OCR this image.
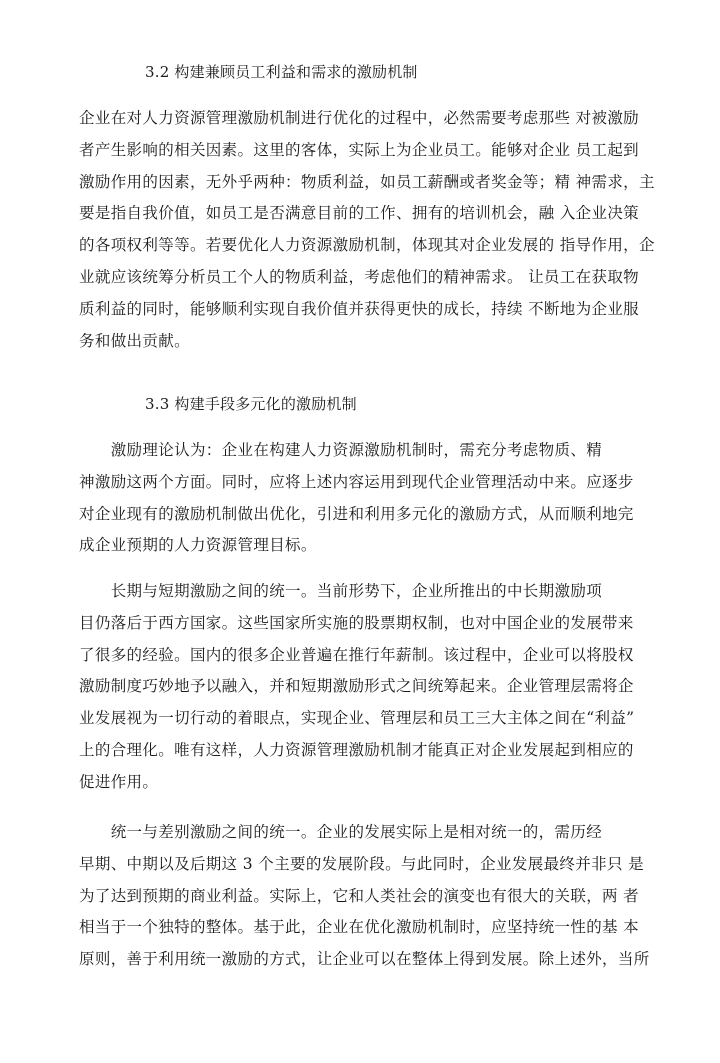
3.2 构建兼顾员工利益和需求的激励机制
企业在对人力资源管理激励机制进行优化的过程中，必然需要考虑那些 对被激励
者产生影响的相关因素。这里的客体，实际上为企业员工。能够对企业 员工起到
激励作用的因素，无外乎两种：物质利益，如员工薪酬或者奖金等；精 神需求，主
要是指自我价值，如员工是否满意目前的工作、拥有的培训机会，融 入企业决策
的各项权利等等。若要优化人力资源激励机制，体现其对企业发展的 指导作用，企
业就应该统筹分析员工个人的物质利益，考虑他们的精神需求。 让员工在获取物
质利益的同时，能够顺利实现自我价值并获得更快的成长，持续 不断地为企业服
务和做出贡献。
3.3 构建手段多元化的激励机制
　　激励理论认为：企业在构建人力资源激励机制时，需充分考虑物质、精
神激励这两个方面。同时，应将上述内容运用到现代企业管理活动中来。应逐步
对企业现有的激励机制做出优化，引进和利用多元化的激励方式，从而顺利地完
成企业预期的人力资源管理目标。
　　长期与短期激励之间的统一。当前形势下，企业所推出的中长期激励项
目仍落后于西方国家。这些国家所实施的股票期权制，也对中国企业的发展带来
了很多的经验。国内的很多企业普遍在推行年薪制。该过程中，企业可以将股权
激励制度巧妙地予以融入，并和短期激励形式之间统筹起来。企业管理层需将企
业发展视为一切行动的着眼点，实现企业、管理层和员工三大主体之间在“利益”
上的合理化。唯有这样，人力资源管理激励机制才能真正对企业发展起到相应的
促进作用。
　　统一与差别激励之间的统一。企业的发展实际上是相对统一的，需历经
早期、中期以及后期这 3 个主要的发展阶段。与此同时，企业发展最终并非只 是
为了达到预期的商业利益。实际上，它和人类社会的演变也有很大的关联，两 者
相当于一个独特的整体。基于此，企业在优化激励机制时，应坚持统一性的基 本
原则，善于利用统一激励的方式，让企业可以在整体上得到发展。除上述外，当所
